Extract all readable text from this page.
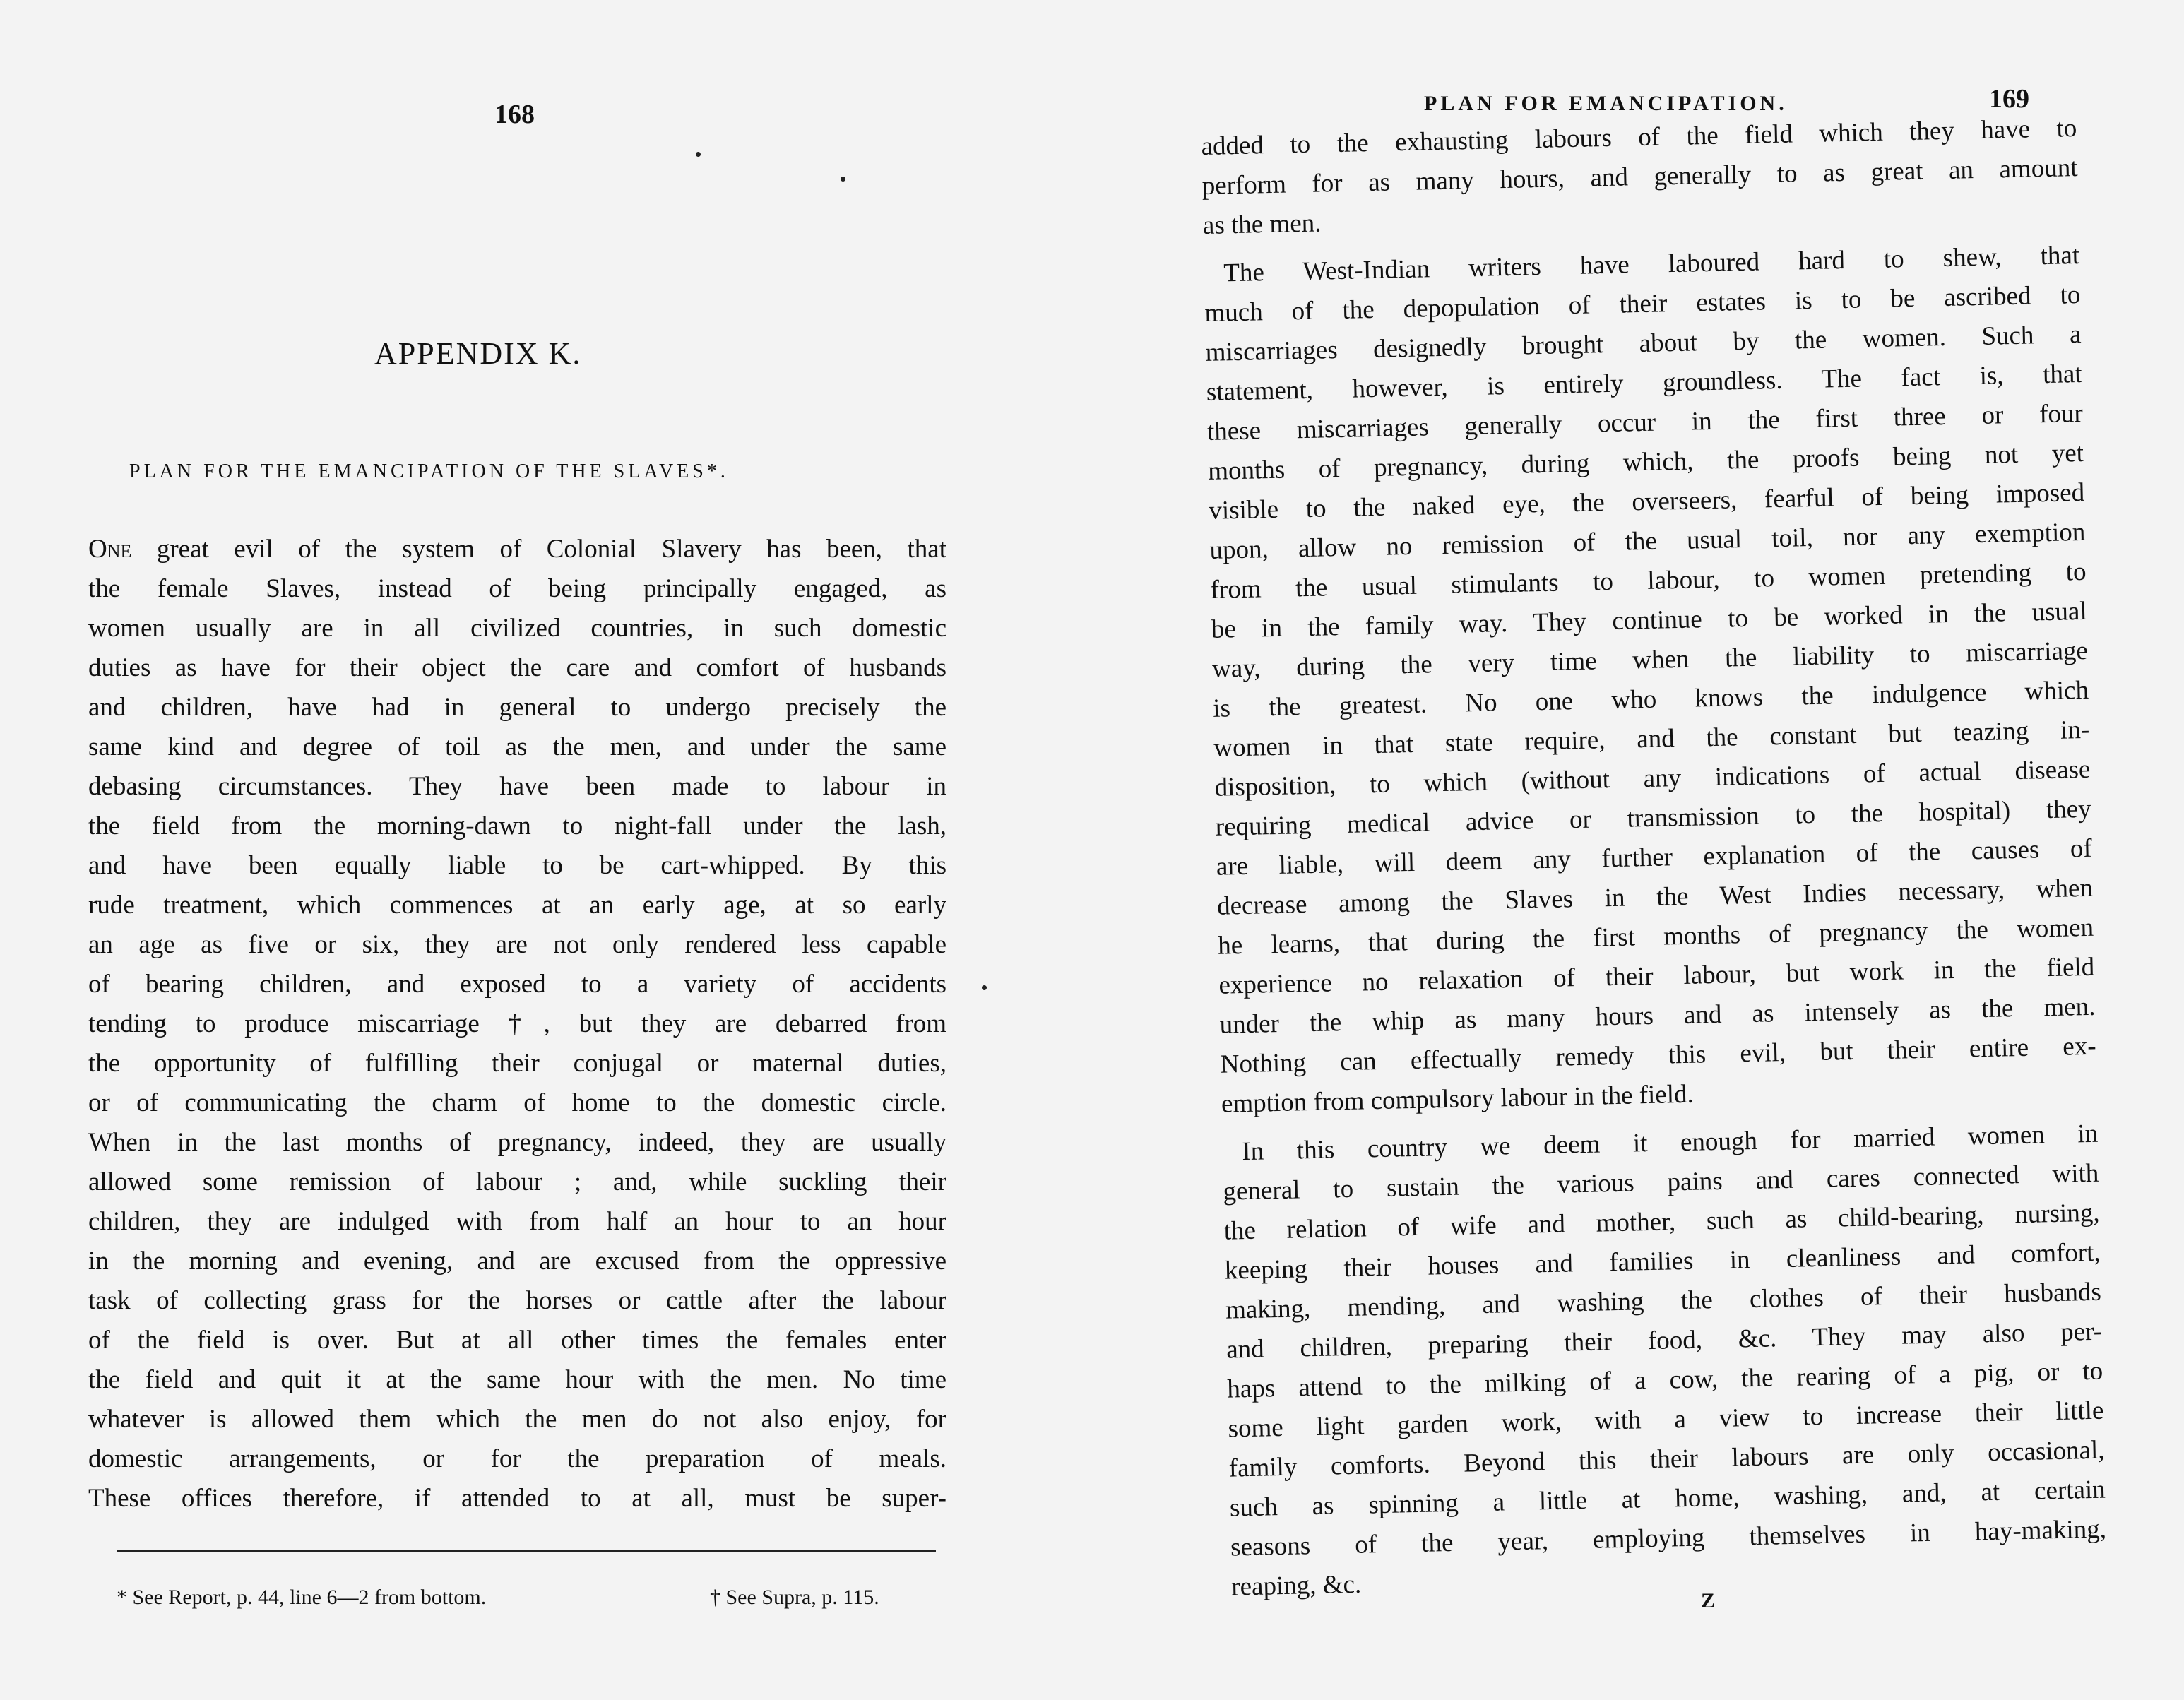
168
APPENDIX K.
PLAN FOR THE EMANCIPATION OF THE SLAVES*.
One great evil of the system of Colonial Slavery has been, that
the female Slaves, instead of being principally engaged, as
women usually are in all civilized countries, in such domestic
duties as have for their object the care and comfort of husbands
and children, have had in general to undergo precisely the
same kind and degree of toil as the men, and under the same
debasing circumstances. They have been made to labour in
the field from the morning-dawn to night-fall under the lash,
and have been equally liable to be cart-whipped. By this
rude treatment, which commences at an early age, at so early
an age as five or six, they are not only rendered less capable
of bearing children, and exposed to a variety of accidents
tending to produce miscarriage †, but they are debarred from
the opportunity of fulfilling their conjugal or maternal duties,
or of communicating the charm of home to the domestic circle.
When in the last months of pregnancy, indeed, they are usually
allowed some remission of labour ; and, while suckling their
children, they are indulged with from half an hour to an hour
in the morning and evening, and are excused from the oppressive
task of collecting grass for the horses or cattle after the labour
of the field is over. But at all other times the females enter
the field and quit it at the same hour with the men. No time
whatever is allowed them which the men do not also enjoy, for
domestic arrangements, or for the preparation of meals.
These offices therefore, if attended to at all, must be super-
* See Report, p. 44, line 6—2 from bottom.	† See Supra, p. 115.
PLAN FOR EMANCIPATION.	169
Z
added to the exhausting labours of the field which they have to
perform for as many hours, and generally to as great an amount
as the men.
The West-Indian writers have laboured hard to shew, that
much of the depopulation of their estates is to be ascribed to
miscarriages designedly brought about by the women. Such a
statement, however, is entirely groundless. The fact is, that
these miscarriages generally occur in the first three or four
months of pregnancy, during which, the proofs being not yet
visible to the naked eye, the overseers, fearful of being imposed
upon, allow no remission of the usual toil, nor any exemption
from the usual stimulants to labour, to women pretending to
be in the family way. They continue to be worked in the usual
way, during the very time when the liability to miscarriage
is the greatest. No one who knows the indulgence which
women in that state require, and the constant but teazing in-
disposition, to which (without any indications of actual disease
requiring medical advice or transmission to the hospital) they
are liable, will deem any further explanation of the causes of
decrease among the Slaves in the West Indies necessary, when
he learns, that during the first months of pregnancy the women
experience no relaxation of their labour, but work in the field
under the whip as many hours and as intensely as the men.
Nothing can effectually remedy this evil, but their entire ex-
emption from compulsory labour in the field.
In this country we deem it enough for married women in
general to sustain the various pains and cares connected with
the relation of wife and mother, such as child-bearing, nursing,
keeping their houses and families in cleanliness and comfort,
making, mending, and washing the clothes of their husbands
and children, preparing their food, &c. They may also per-
haps attend to the milking of a cow, the rearing of a pig, or to
some light garden work, with a view to increase their little
family comforts. Beyond this their labours are only occasional,
such as spinning a little at home, washing, and, at certain
seasons of the year, employing themselves in hay-making,
reaping, &c.
